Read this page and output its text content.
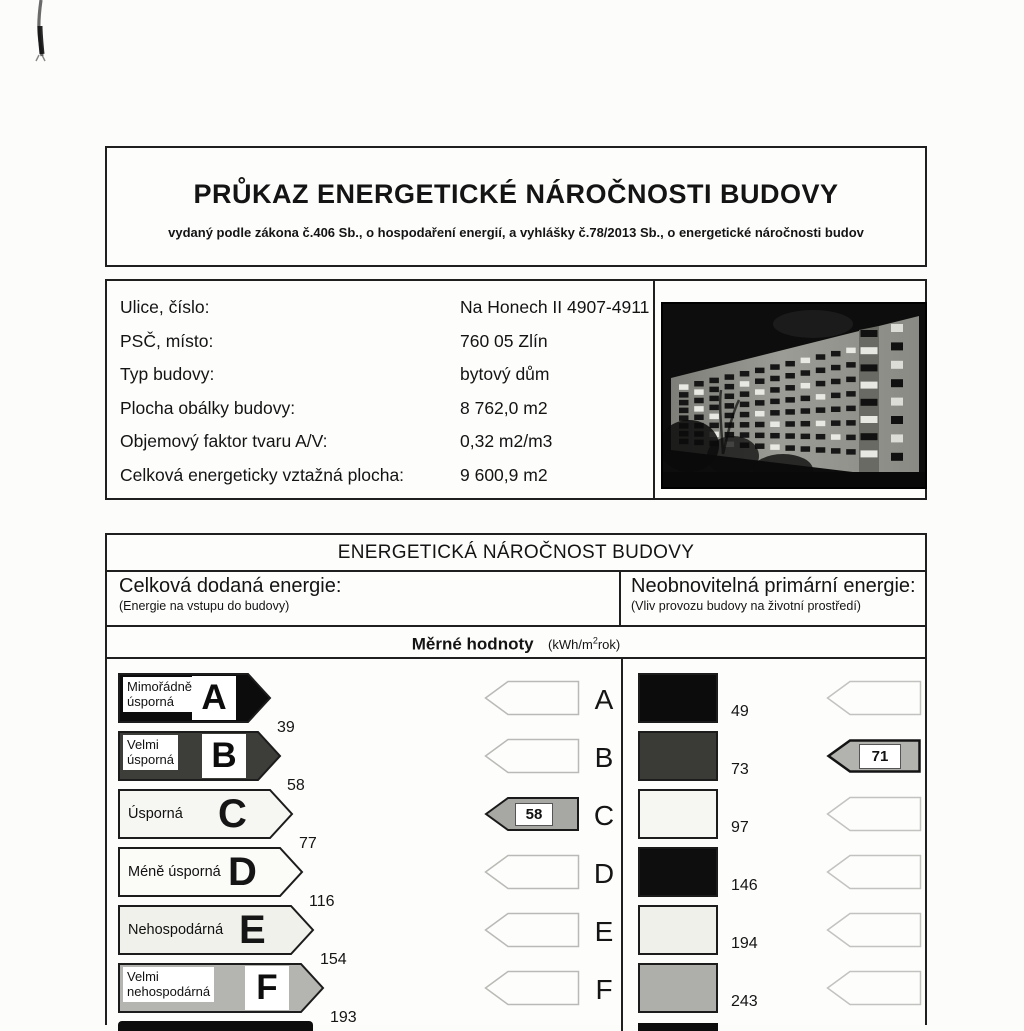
PRŮKAZ ENERGETICKÉ NÁROČNOSTI BUDOVY
vydaný podle zákona č.406 Sb., o hospodaření energií, a vyhlášky č.78/2013 Sb., o energetické náročnosti budov
Ulice, číslo:	Na Honech II 4907-4911
PSČ, místo:	760 05 Zlín
Typ budovy:	bytový dům
Plocha obálky budovy:	8 762,0 m2
Objemový faktor tvaru A/V:	0,32 m2/m3
Celková energeticky vztažná plocha:	9 600,9 m2
ENERGETICKÁ NÁROČNOST BUDOVY
Celková dodaná energie:
(Energie na vstupu do budovy)
Neobnovitelná primární energie:
(Vliv provozu budovy na životní prostředí)
Měrné hodnoty $(kWh/m^2rok)$
Mimořádně
úsporná A
39
A	49
Velmi
úsporná B
58
B	73
71
Úsporná C
77
58	C	97
Méně úsporná D
116
D	146
Nehospodárná E
154
E	194
Velmi
nehospodárná	F
193
F	243
